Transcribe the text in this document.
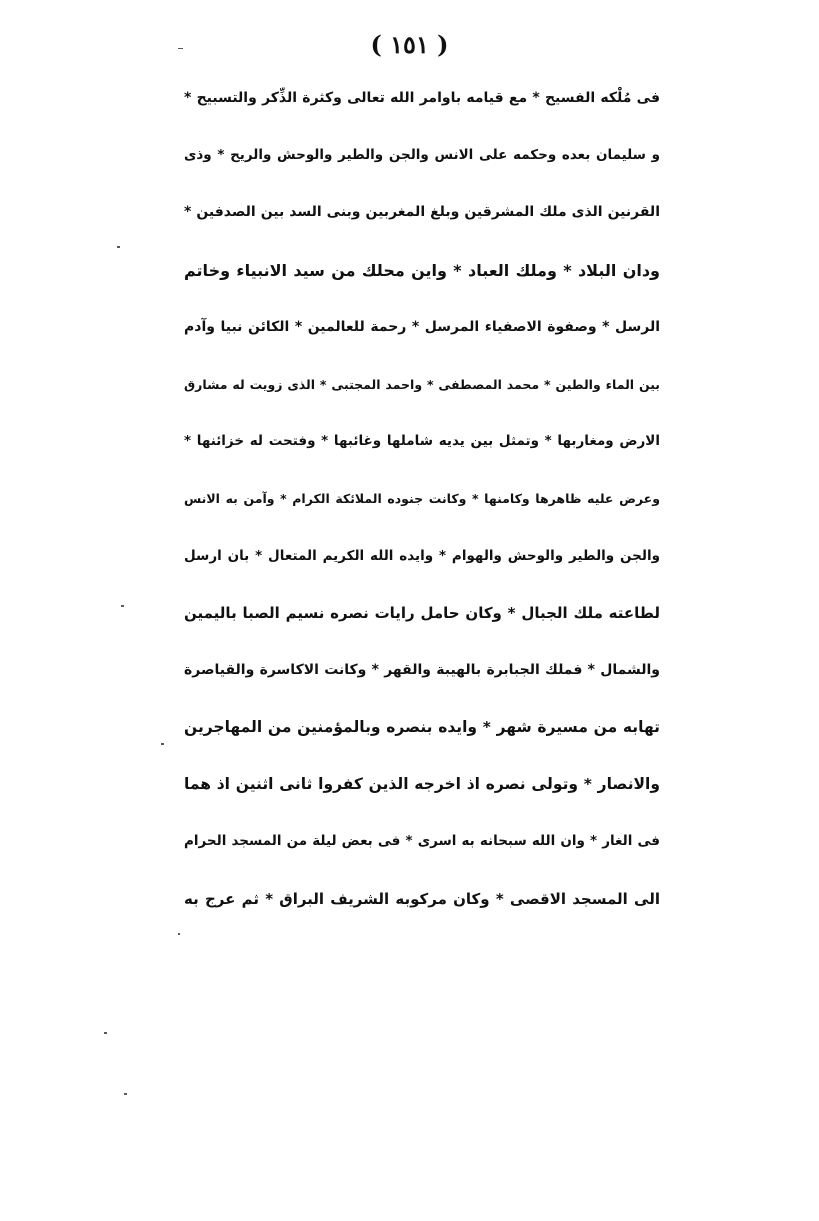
( ١٥١ )
فى مُلْكه الفسيح * مع قيامه باوامر الله تعالى وكثرة الذِّكر والتسبيح *
و سليمان بعده وحكمه على الانس والجن والطير والوحش والريح * وذى
القرنين الذى ملك المشرقين وبلغ المغربين وبنى السد بين الصدفين *
ودان البلاد * وملك العباد * واين محلك من سيد الانبياء وخاتم
الرسل * وصفوة الاصفياء المرسل * رحمة للعالمين * الكائن نبيا وآدم
بين الماء والطين * محمد المصطفى * واحمد المجتبى * الذى زويت له مشارق
الارض ومغاربها * وتمثل بين يديه شاملها وغائبها * وفتحت له خزائنها *
وعرض عليه ظاهرها وكامنها * وكانت جنوده الملائكة الكرام * وآمن به الانس
والجن والطير والوحش والهوام * وايده الله الكريم المتعال * بان ارسل
لطاعته ملك الجبال * وكان حامل رايات نصره نسيم الصبا باليمين
والشمال * فملك الجبابرة بالهيبة والقهر * وكانت الاكاسرة والقياصرة
تهابه من مسيرة شهر * وايده بنصره وبالمؤمنين من المهاجرين
والانصار * وتولى نصره اذ اخرجه الذين كفروا ثانى اثنين اذ هما
فى الغار * وان الله سبحانه به اسرى * فى بعض ليلة من المسجد الحرام
الى المسجد الاقصى * وكان مركوبه الشريف البراق * ثم عرج به
